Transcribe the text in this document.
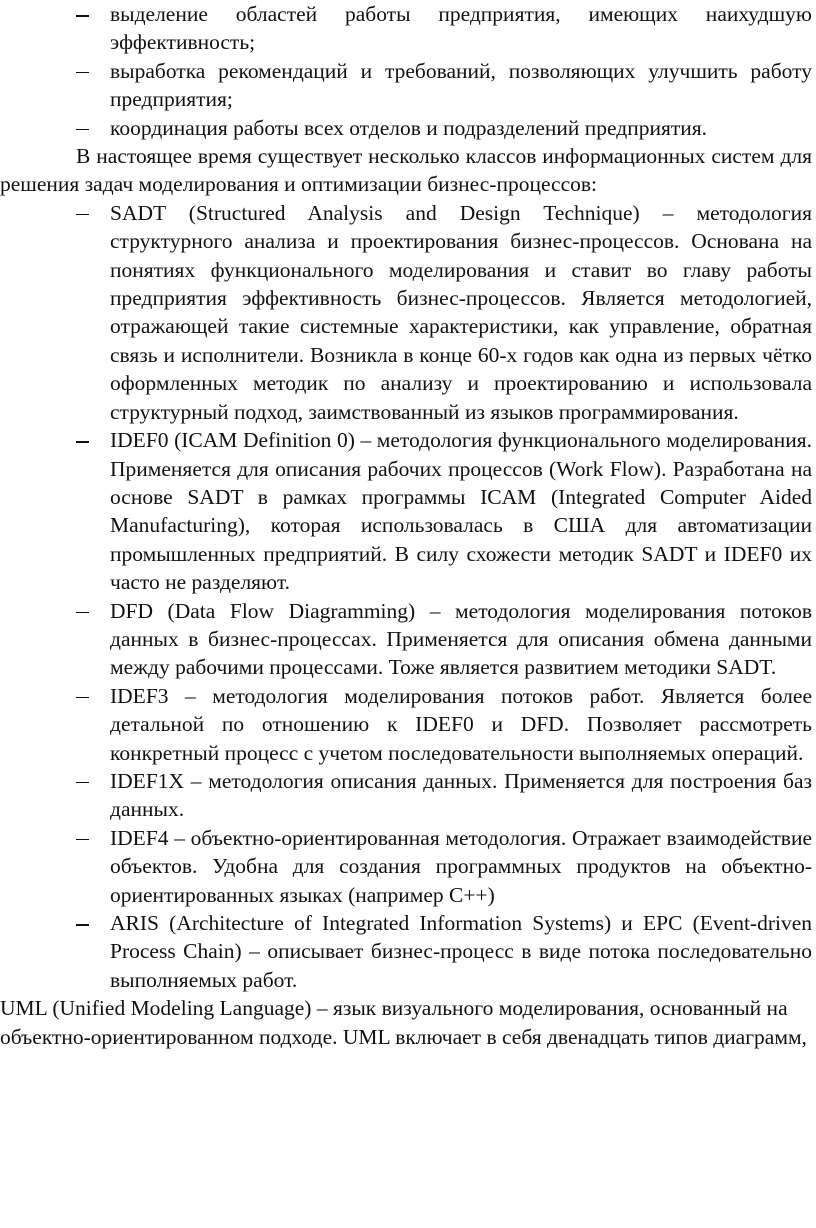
выделение областей работы предприятия, имеющих наихудшую эффективность;
выработка рекомендаций и требований, позволяющих улучшить работу предприятия;
координация работы всех отделов и подразделений предприятия.

В настоящее время существует несколько классов информационных систем для решения задач моделирования и оптимизации бизнес-процессов:

SADT (Structured Analysis and Design Technique) – методология структурного анализа и проектирования бизнес-процессов. Основана на понятиях функционального моделирования и ставит во главу работы предприятия эффективность бизнес-процессов. Является методологией, отражающей такие системные характеристики, как управление, обратная связь и исполнители. Возникла в конце 60-х годов как одна из первых чётко оформленных методик по анализу и проектированию и использовала структурный подход, заимствованный из языков программирования.
IDEF0 (ICAM Definition 0) – методология функционального моделирования. Применяется для описания рабочих процессов (Work Flow). Разработана на основе SADT в рамках программы ICAM (Integrated Computer Aided Manufacturing), которая использовалась в США для автоматизации промышленных предприятий. В силу схожести методик SADT и IDEF0 их часто не разделяют.
DFD (Data Flow Diagramming) – методология моделирования потоков данных в бизнес-процессах. Применяется для описания обмена данными между рабочими процессами. Тоже является развитием методики SADT.
IDEF3 – методология моделирования потоков работ. Является более детальной по отношению к IDEF0 и DFD. Позволяет рассмотреть конкретный процесс с учетом последовательности выполняемых операций.
IDEF1X – методология описания данных. Применяется для построения баз данных.
IDEF4 – объектно-ориентированная методология. Отражает взаимодействие объектов. Удобна для создания программных продуктов на объектно-ориентированных языках (например С++)
ARIS (Architecture of Integrated Information Systems) и EPC (Event-driven Process Chain) – описывает бизнес-процесс в виде потока последовательно выполняемых работ.

UML (Unified Modeling Language) – язык визуального моделирования, основанный на объектно-ориентированном подходе. UML включает в себя двенадцать типов диаграмм,
